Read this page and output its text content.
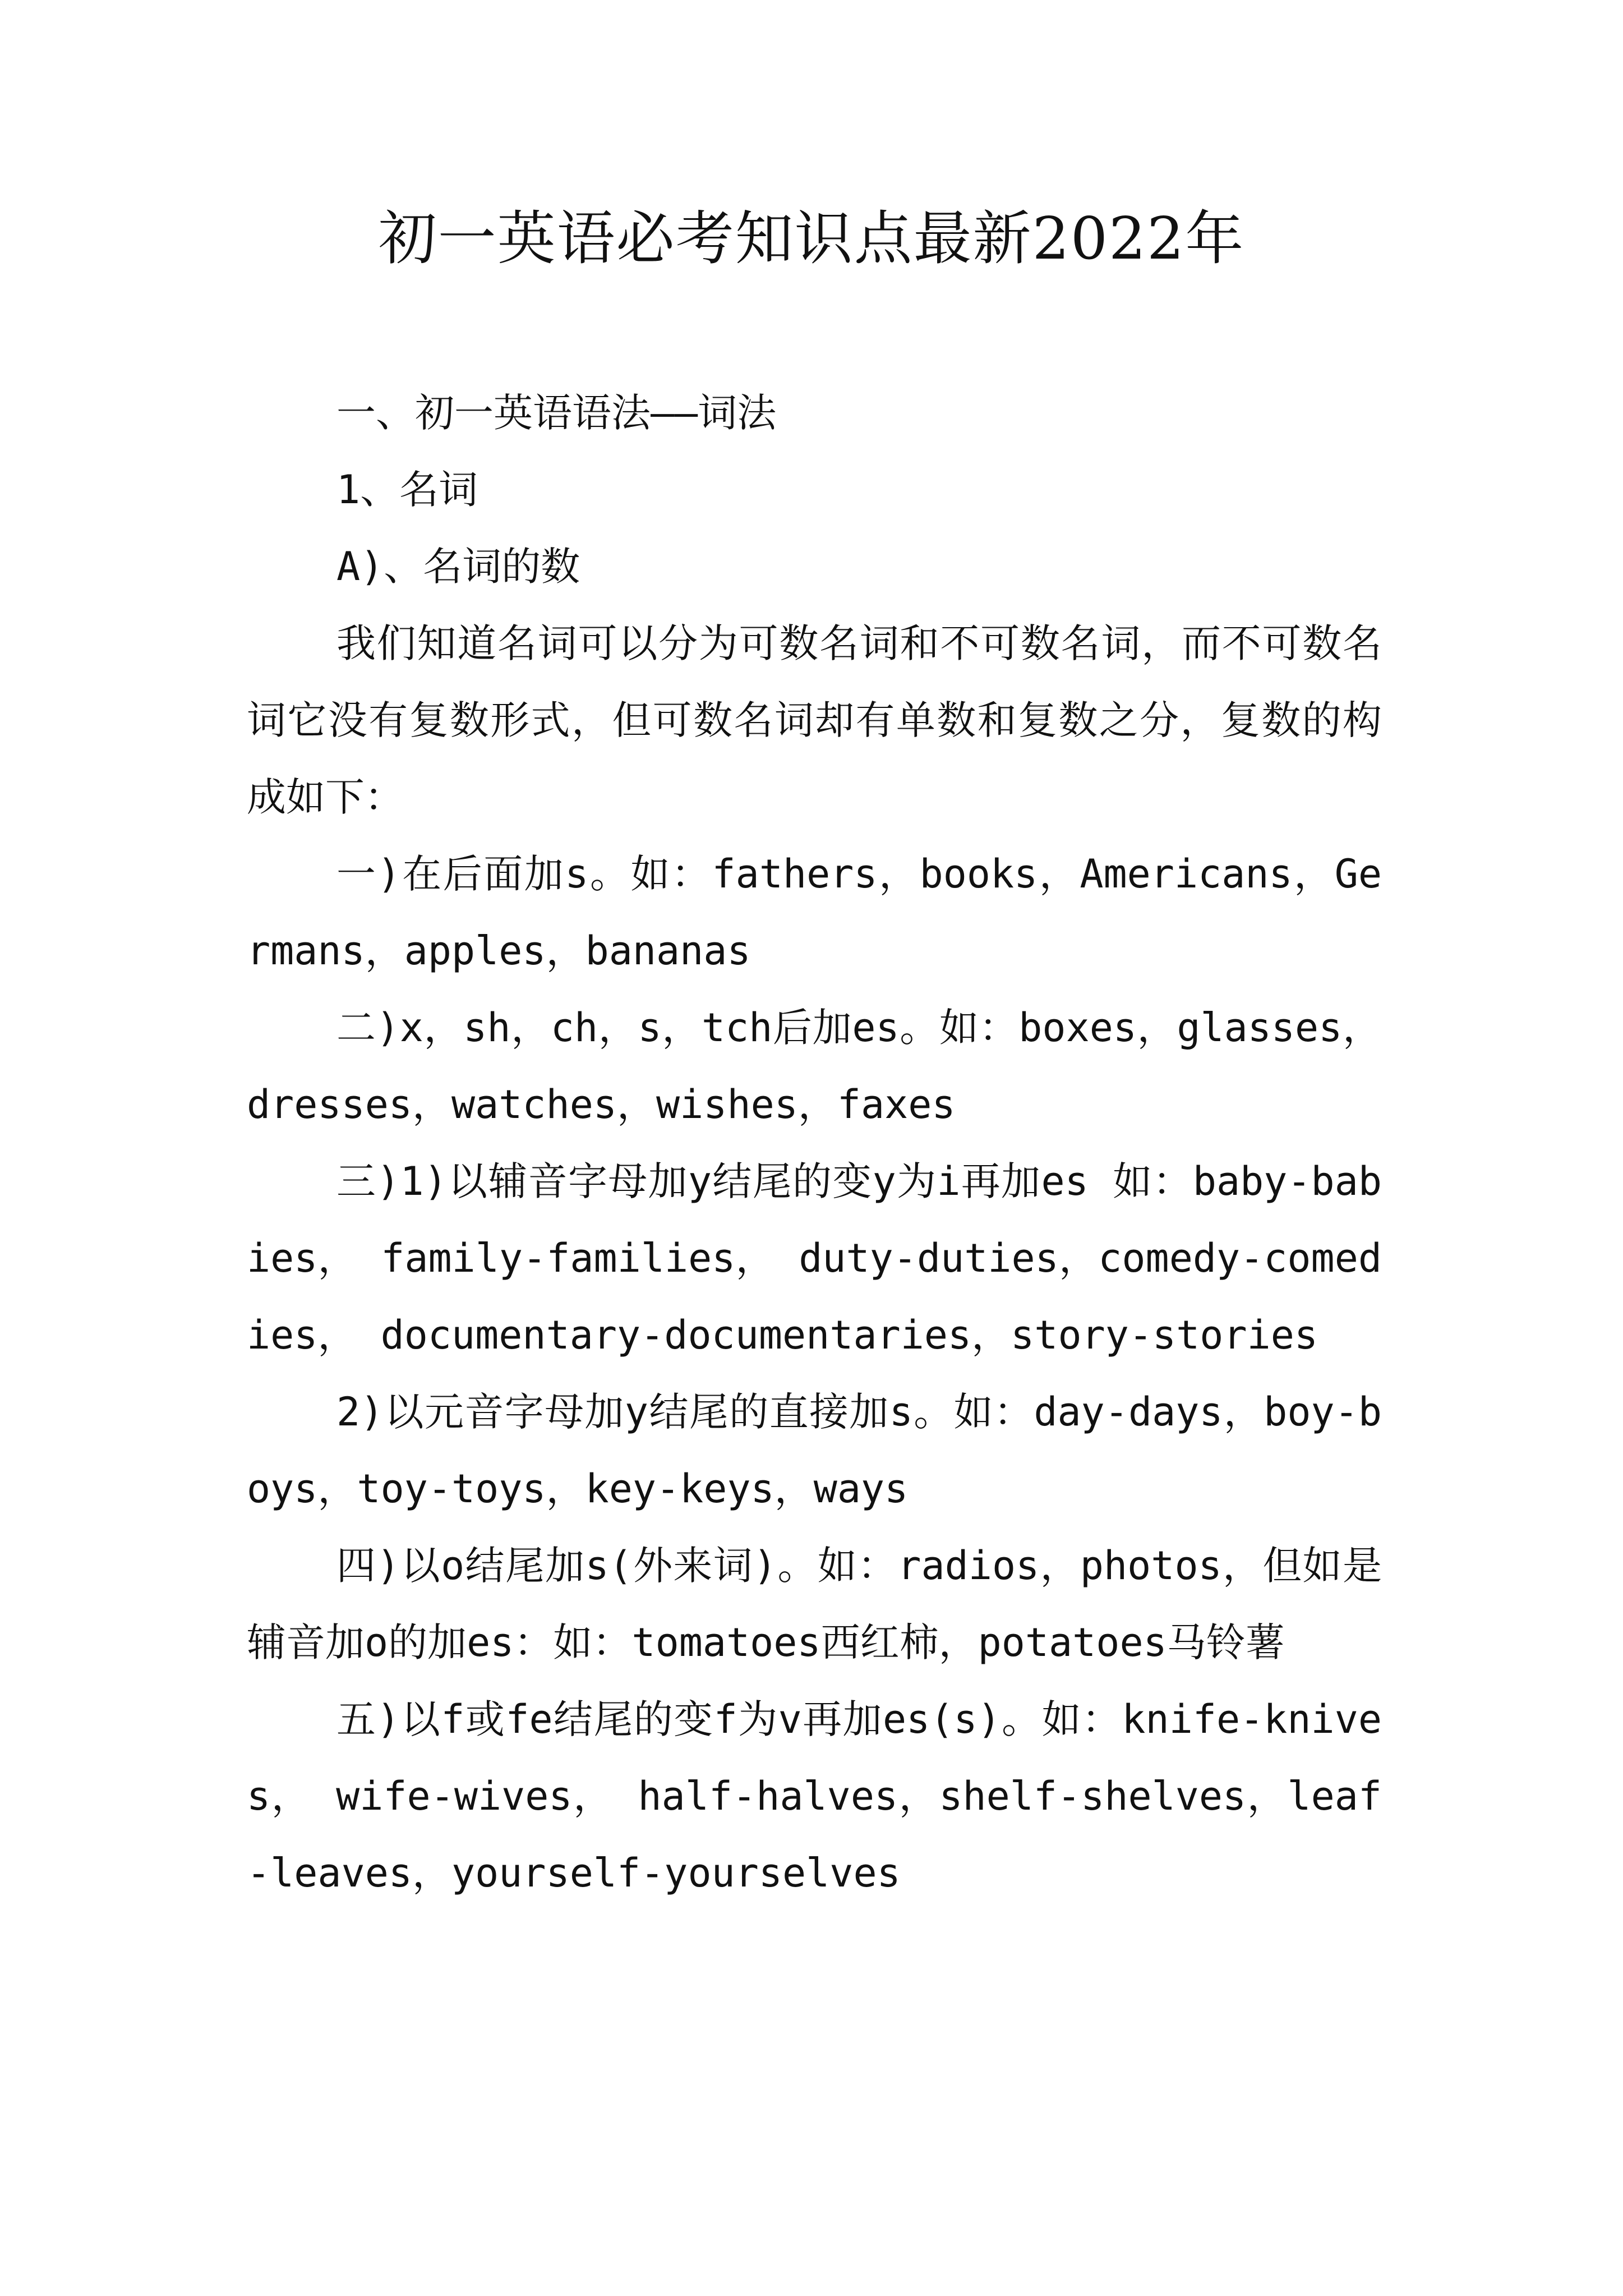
初一英语必考知识点最新2022年

一、初一英语语法——词法

1、名词

A)、名词的数

我们知道名词可以分为可数名词和不可数名词，而不可数名词它没有复数形式，但可数名词却有单数和复数之分，复数的构成如下：

一)在后面加s。如：fathers，books，Americans，Germans，apples，bananas

二)x，sh，ch，s，tch后加es。如：boxes，glasses，dresses，watches，wishes，faxes

三)1)以辅音字母加y结尾的变y为i再加es 如：baby-babies， family-families， duty-duties，comedy-comedies， documentary-documentaries，story-stories

2)以元音字母加y结尾的直接加s。如：day-days，boy-boys，toy-toys，key-keys，ways

四)以o结尾加s(外来词)。如：radios，photos，但如是辅音加o的加es：如：tomatoes西红柿，potatoes马铃薯

五)以f或fe结尾的变f为v再加es(s)。如：knife-knives， wife-wives， half-halves，shelf-shelves，leaf-leaves，yourself-yourselves
